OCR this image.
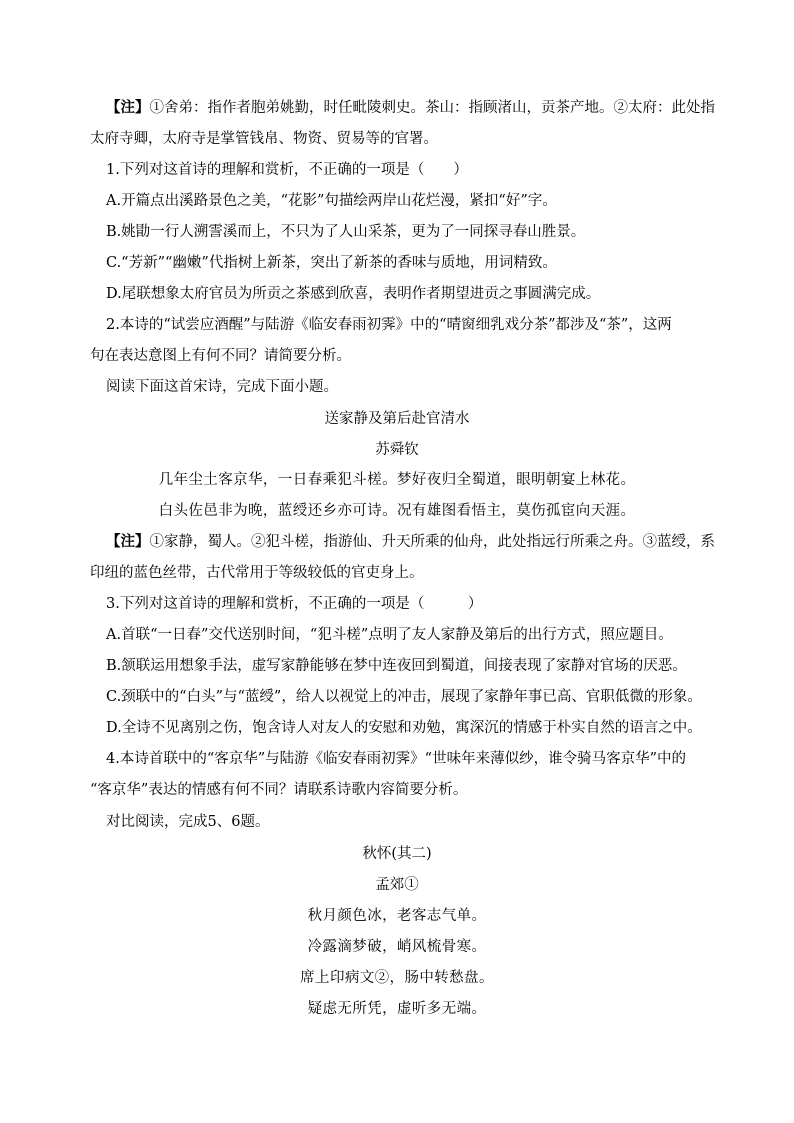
【注】①舍弟：指作者胞弟姚勤，时任毗陵刺史。茶山：指顾渚山，贡茶产地。②太府：此处指
太府寺卿，太府寺是掌管钱帛、物资、贸易等的官署。
1.下列对这首诗的理解和赏析，不正确的一项是（　　）
A.开篇点出溪路景色之美，“花影”句描绘两岸山花烂漫，紧扣“好”字。
B.姚勖一行人溯霅溪而上，不只为了人山采茶，更为了一同探寻春山胜景。
C.“芳新”“幽嫩”代指树上新茶，突出了新茶的香味与质地，用词精致。
D.尾联想象太府官员为所贡之茶感到欣喜，表明作者期望进贡之事圆满完成。
2.本诗的“试尝应酒醒”与陆游《临安春雨初霁》中的“晴窗细乳戏分茶”都涉及“茶”，这两
句在表达意图上有何不同？请简要分析。
阅读下面这首宋诗，完成下面小题。
送家静及第后赴官清水
苏舜钦
几年尘土客京华，一日春乘犯斗槎。梦好夜归全蜀道，眼明朝宴上林花。
白头佐邑非为晚，蓝绶还乡亦可诗。况有雄图看悟主，莫伤孤宦向天涯。
【注】①家静，蜀人。②犯斗槎，指游仙、升天所乘的仙舟，此处指远行所乘之舟。③蓝绶，系
印纽的蓝色丝带，古代常用于等级较低的官吏身上。
3.下列对这首诗的理解和赏析，不正确的一项是（　　　）
A.首联“一日春”交代送别时间，“犯斗槎”点明了友人家静及第后的出行方式，照应题目。
B.颔联运用想象手法，虚写家静能够在梦中连夜回到蜀道，间接表现了家静对官场的厌恶。
C.颈联中的“白头”与“蓝绶”，给人以视觉上的冲击，展现了家静年事已高、官职低微的形象。
D.全诗不见离别之伤，饱含诗人对友人的安慰和劝勉，寓深沉的情感于朴实自然的语言之中。
4.本诗首联中的“客京华”与陆游《临安春雨初霁》“世味年来薄似纱，谁令骑马客京华”中的
“客京华”表达的情感有何不同？请联系诗歌内容简要分析。
对比阅读，完成5、6题。
秋怀(其二)
孟郊①
秋月颜色冰，老客志气单。
冷露滴梦破，峭风梳骨寒。
席上印病文②，肠中转愁盘。
疑虑无所凭，虚听多无端。
